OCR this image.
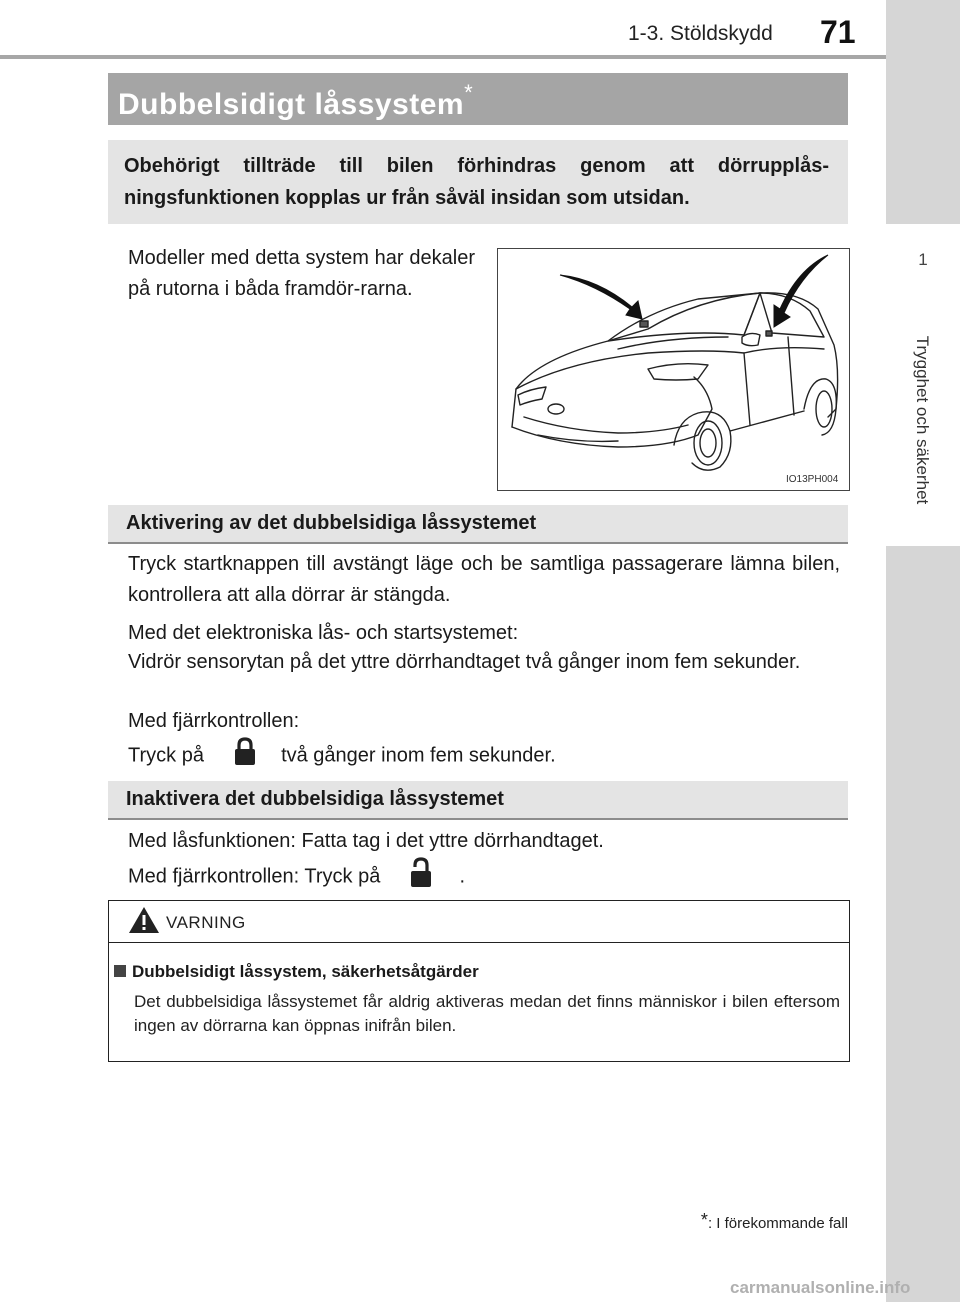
1-3. Stöldskydd 71
1
Trygghet och säkerhet
Dubbelsidigt låssystem*
Obehörigt tillträde till bilen förhindras genom att dörrupplås-ningsfunktionen kopplas ur från såväl insidan som utsidan.
Modeller med detta system har dekaler på rutorna i båda framdör-rarna.
IO13PH004
Aktivering av det dubbelsidiga låssystemet
Tryck startknappen till avstängt läge och be samtliga passagerare lämna bilen, kontrollera att alla dörrar är stängda.
Med det elektroniska lås- och startsystemet:
Vidrör sensorytan på det yttre dörrhandtaget två gånger inom fem sekunder.
Med fjärrkontrollen:
Tryck på	två gånger inom fem sekunder.
Inaktivera det dubbelsidiga låssystemet
Med låsfunktionen: Fatta tag i det yttre dörrhandtaget.
Med fjärrkontrollen: Tryck på	.
VARNING
Dubbelsidigt låssystem, säkerhetsåtgärder
Det dubbelsidiga låssystemet får aldrig aktiveras medan det finns människor i bilen eftersom ingen av dörrarna kan öppnas inifrån bilen.
*: I förekommande fall
carmanualsonline.info
